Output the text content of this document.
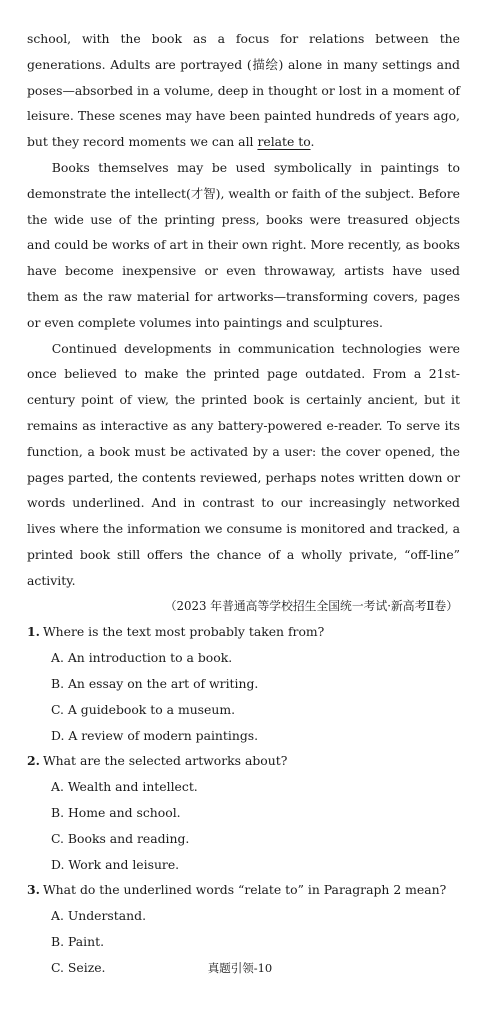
school, with the book as a focus for relations between the generations. Adults are portrayed (描绘) alone in many settings and poses—absorbed in a volume, deep in thought or lost in a moment of leisure. These scenes may have been painted hundreds of years ago, but they record moments we can all relate to.

Books themselves may be used symbolically in paintings to demonstrate the intellect(才智), wealth or faith of the subject. Before the wide use of the printing press, books were treasured objects and could be works of art in their own right. More recently, as books have become inexpensive or even throwaway, artists have used them as the raw material for artworks—transforming covers, pages or even complete volumes into paintings and sculptures.

Continued developments in communication technologies were once believed to make the printed page outdated. From a 21st-century point of view, the printed book is certainly ancient, but it remains as interactive as any battery-powered e-reader. To serve its function, a book must be activated by a user: the cover opened, the pages parted, the contents reviewed, perhaps notes written down or words underlined. And in contrast to our increasingly networked lives where the information we consume is monitored and tracked, a printed book still offers the chance of a wholly private, “off-line” activity.

（2023 年普通高等学校招生全国统一考试·新高考Ⅱ卷）

1. Where is the text most probably taken from?

A. An introduction to a book.

B. An essay on the art of writing.

C. A guidebook to a museum.

D. A review of modern paintings.

2. What are the selected artworks about?

A. Wealth and intellect.

B. Home and school.

C. Books and reading.

D. Work and leisure.

3. What do the underlined words “relate to” in Paragraph 2 mean?

A. Understand.

B. Paint.

C. Seize.	真题引领-10
